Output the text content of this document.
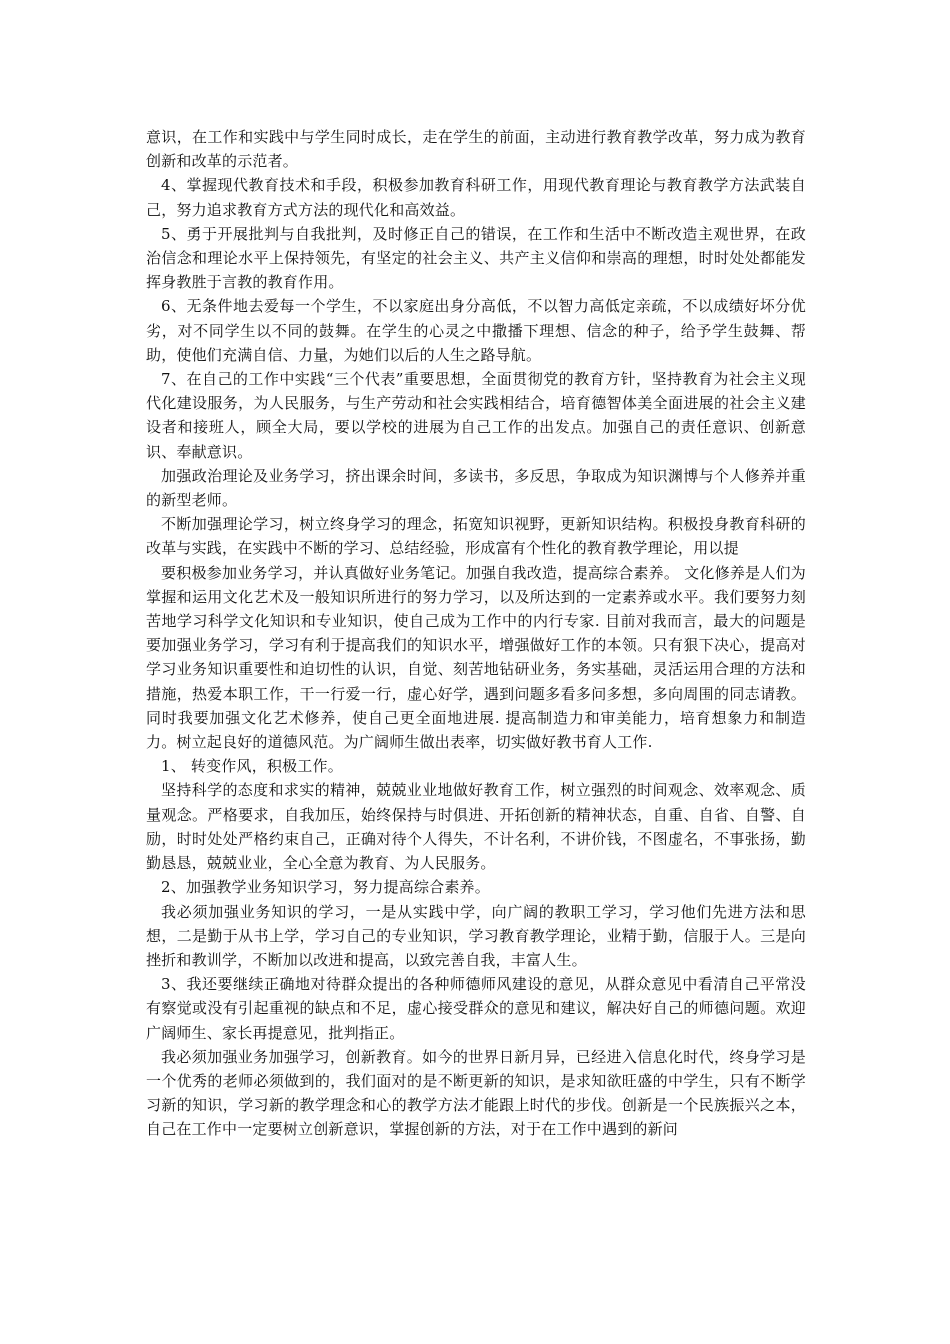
意识，在工作和实践中与学生同时成长，走在学生的前面，主动进行教育教学改革，努力成为教育创新和改革的示范者。

4、掌握现代教育技术和手段，积极参加教育科研工作，用现代教育理论与教育教学方法武装自己，努力追求教育方式方法的现代化和高效益。

5、勇于开展批判与自我批判，及时修正自己的错误，在工作和生活中不断改造主观世界，在政治信念和理论水平上保持领先，有坚定的社会主义、共产主义信仰和崇高的理想，时时处处都能发挥身教胜于言教的教育作用。

6、无条件地去爱每一个学生，不以家庭出身分高低，不以智力高低定亲疏，不以成绩好坏分优劣，对不同学生以不同的鼓舞。在学生的心灵之中撒播下理想、信念的种子，给予学生鼓舞、帮助，使他们充满自信、力量，为她们以后的人生之路导航。

7、在自己的工作中实践“三个代表”重要思想，全面贯彻党的教育方针，坚持教育为社会主义现代化建设服务，为人民服务，与生产劳动和社会实践相结合，培育德智体美全面进展的社会主义建设者和接班人，顾全大局，要以学校的进展为自己工作的出发点。加强自己的责任意识、创新意识、奉献意识。

加强政治理论及业务学习，挤出课余时间，多读书，多反思，争取成为知识渊博与个人修养并重的新型老师。

不断加强理论学习，树立终身学习的理念，拓宽知识视野，更新知识结构。积极投身教育科研的改革与实践，在实践中不断的学习、总结经验，形成富有个性化的教育教学理论，用以提

要积极参加业务学习，并认真做好业务笔记。加强自我改造，提高综合素养。 文化修养是人们为掌握和运用文化艺术及一般知识所进行的努力学习，以及所达到的一定素养或水平。我们要努力刻苦地学习科学文化知识和专业知识，使自己成为工作中的内行专家. 目前对我而言，最大的问题是要加强业务学习，学习有利于提高我们的知识水平，增强做好工作的本领。只有狠下决心，提高对学习业务知识重要性和迫切性的认识，自觉、刻苦地钻研业务，务实基础，灵活运用合理的方法和措施，热爱本职工作，干一行爱一行，虚心好学，遇到问题多看多问多想，多向周围的同志请教。同时我要加强文化艺术修养，使自己更全面地进展. 提高制造力和审美能力，培育想象力和制造力。树立起良好的道德风范。为广阔师生做出表率，切实做好教书育人工作.

1、 转变作风，积极工作。

坚持科学的态度和求实的精神，兢兢业业地做好教育工作，树立强烈的时间观念、效率观念、质量观念。严格要求，自我加压，始终保持与时俱进、开拓创新的精神状态，自重、自省、自警、自励，时时处处严格约束自己，正确对待个人得失，不计名利，不讲价钱，不图虚名，不事张扬，勤勤恳恳，兢兢业业，全心全意为教育、为人民服务。

2、加强教学业务知识学习，努力提高综合素养。

我必须加强业务知识的学习，一是从实践中学，向广阔的教职工学习，学习他们先进方法和思想，二是勤于从书上学，学习自己的专业知识，学习教育教学理论，业精于勤，信服于人。三是向挫折和教训学，不断加以改进和提高，以致完善自我，丰富人生。

3、我还要继续正确地对待群众提出的各种师德师风建设的意见，从群众意见中看清自己平常没有察觉或没有引起重视的缺点和不足，虚心接受群众的意见和建议，解决好自己的师德问题。欢迎广阔师生、家长再提意见，批判指正。

我必须加强业务加强学习，创新教育。如今的世界日新月异，已经进入信息化时代，终身学习是一个优秀的老师必须做到的，我们面对的是不断更新的知识，是求知欲旺盛的中学生，只有不断学习新的知识，学习新的教学理念和心的教学方法才能跟上时代的步伐。创新是一个民族振兴之本，自己在工作中一定要树立创新意识，掌握创新的方法，对于在工作中遇到的新问
